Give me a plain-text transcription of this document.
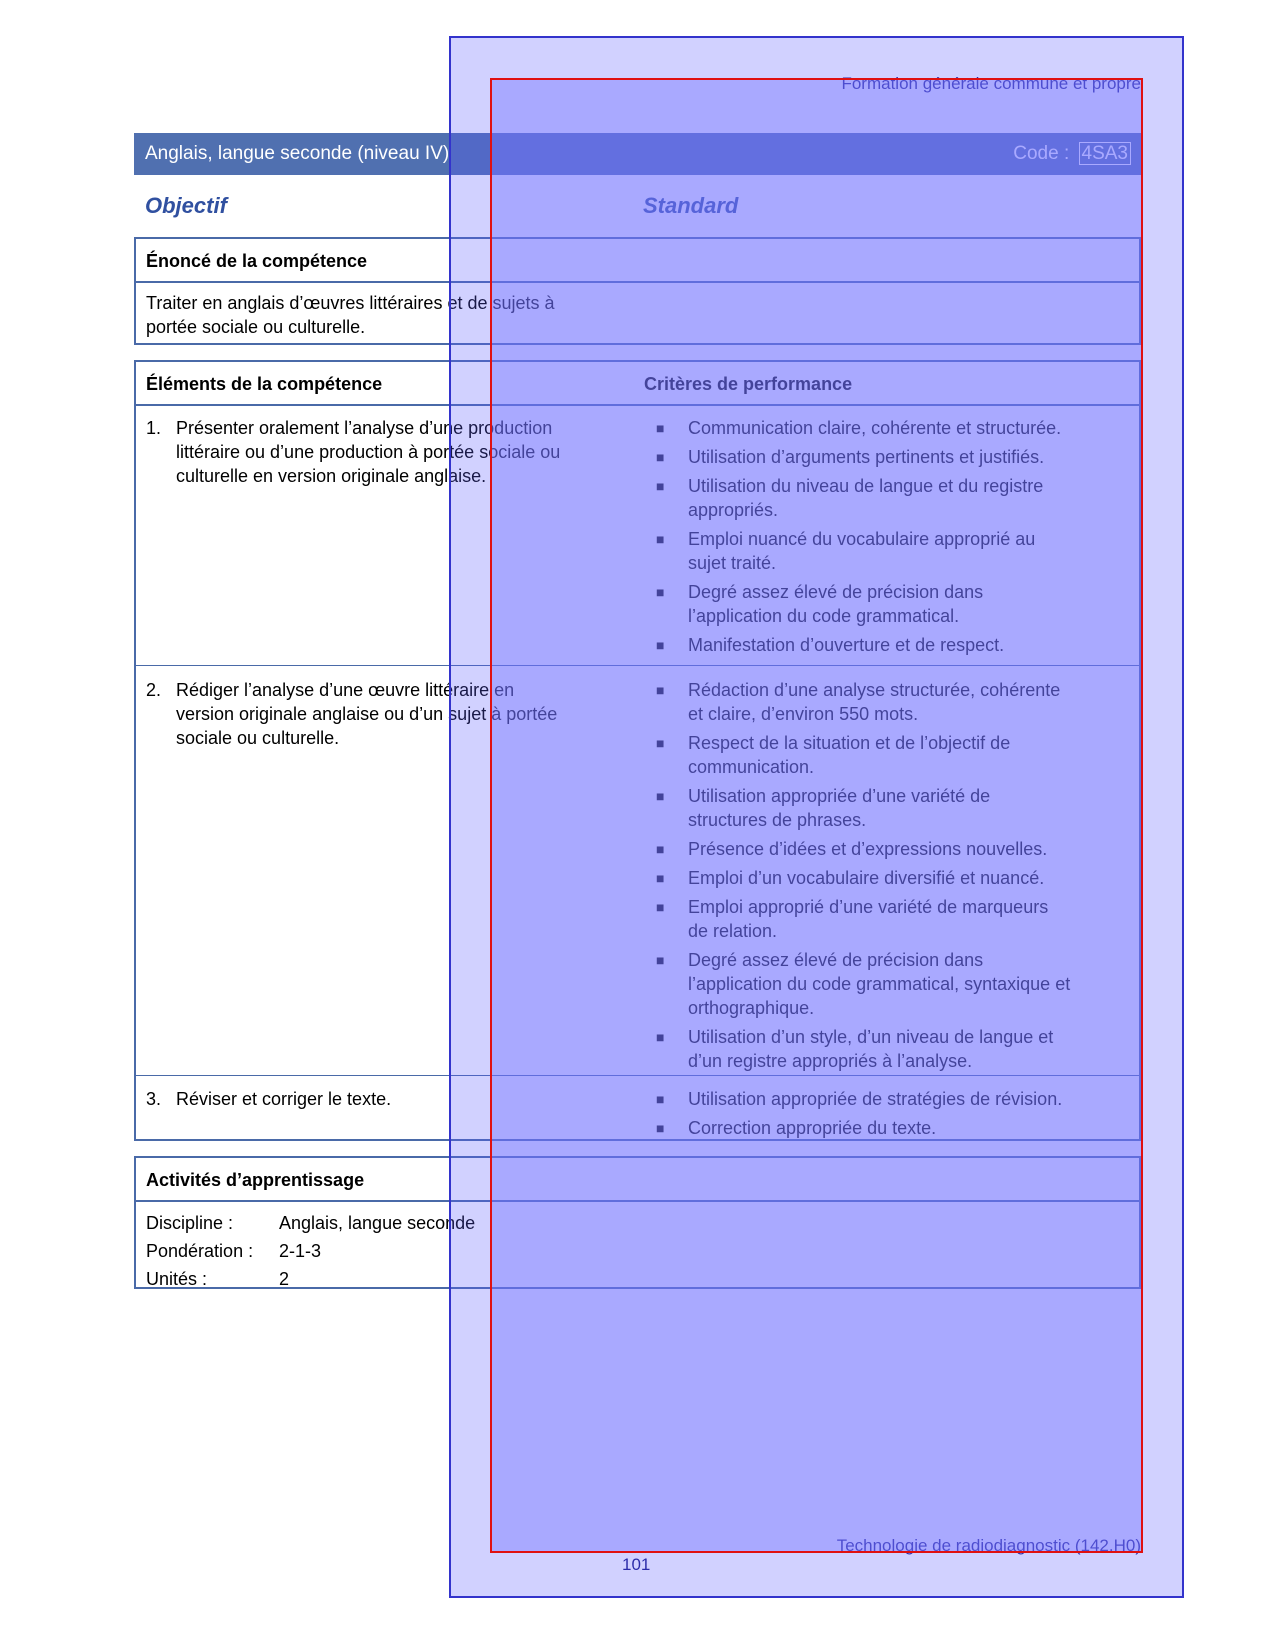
Formation générale commune et propre
Anglais, langue seconde (niveau IV)	Code : 4SA3
Objectif	Standard
Énoncé de la compétence
Traiter en anglais d’œuvres littéraires et de sujets à
portée sociale ou culturelle.
Éléments de la compétence	Critères de performance
1. Présenter oralement l’analyse d’une production
littéraire ou d’une production à portée sociale ou
culturelle en version originale anglaise.
■ Communication claire, cohérente et structurée.
■ Utilisation d’arguments pertinents et justifiés.
■ Utilisation du niveau de langue et du registre
appropriés.
■ Emploi nuancé du vocabulaire approprié au
sujet traité.
■ Degré assez élevé de précision dans
l’application du code grammatical.
■ Manifestation d’ouverture et de respect.
2. Rédiger l’analyse d’une œuvre littéraire en
version originale anglaise ou d’un sujet à portée
sociale ou culturelle.
■ Rédaction d’une analyse structurée, cohérente
et claire, d’environ 550 mots.
■ Respect de la situation et de l’objectif de
communication.
■ Utilisation appropriée d’une variété de
structures de phrases.
■ Présence d’idées et d’expressions nouvelles.
■ Emploi d’un vocabulaire diversifié et nuancé.
■ Emploi approprié d’une variété de marqueurs
de relation.
■ Degré assez élevé de précision dans
l’application du code grammatical, syntaxique et
orthographique.
■ Utilisation d’un style, d’un niveau de langue et
d’un registre appropriés à l’analyse.
3. Réviser et corriger le texte.	■ Utilisation appropriée de stratégies de révision.
■ Correction appropriée du texte.
Activités d’apprentissage
Discipline :	Anglais, langue seconde
Pondération : 2-1-3
Unités :	2
Technologie de radiodiagnostic (142.H0)
101
